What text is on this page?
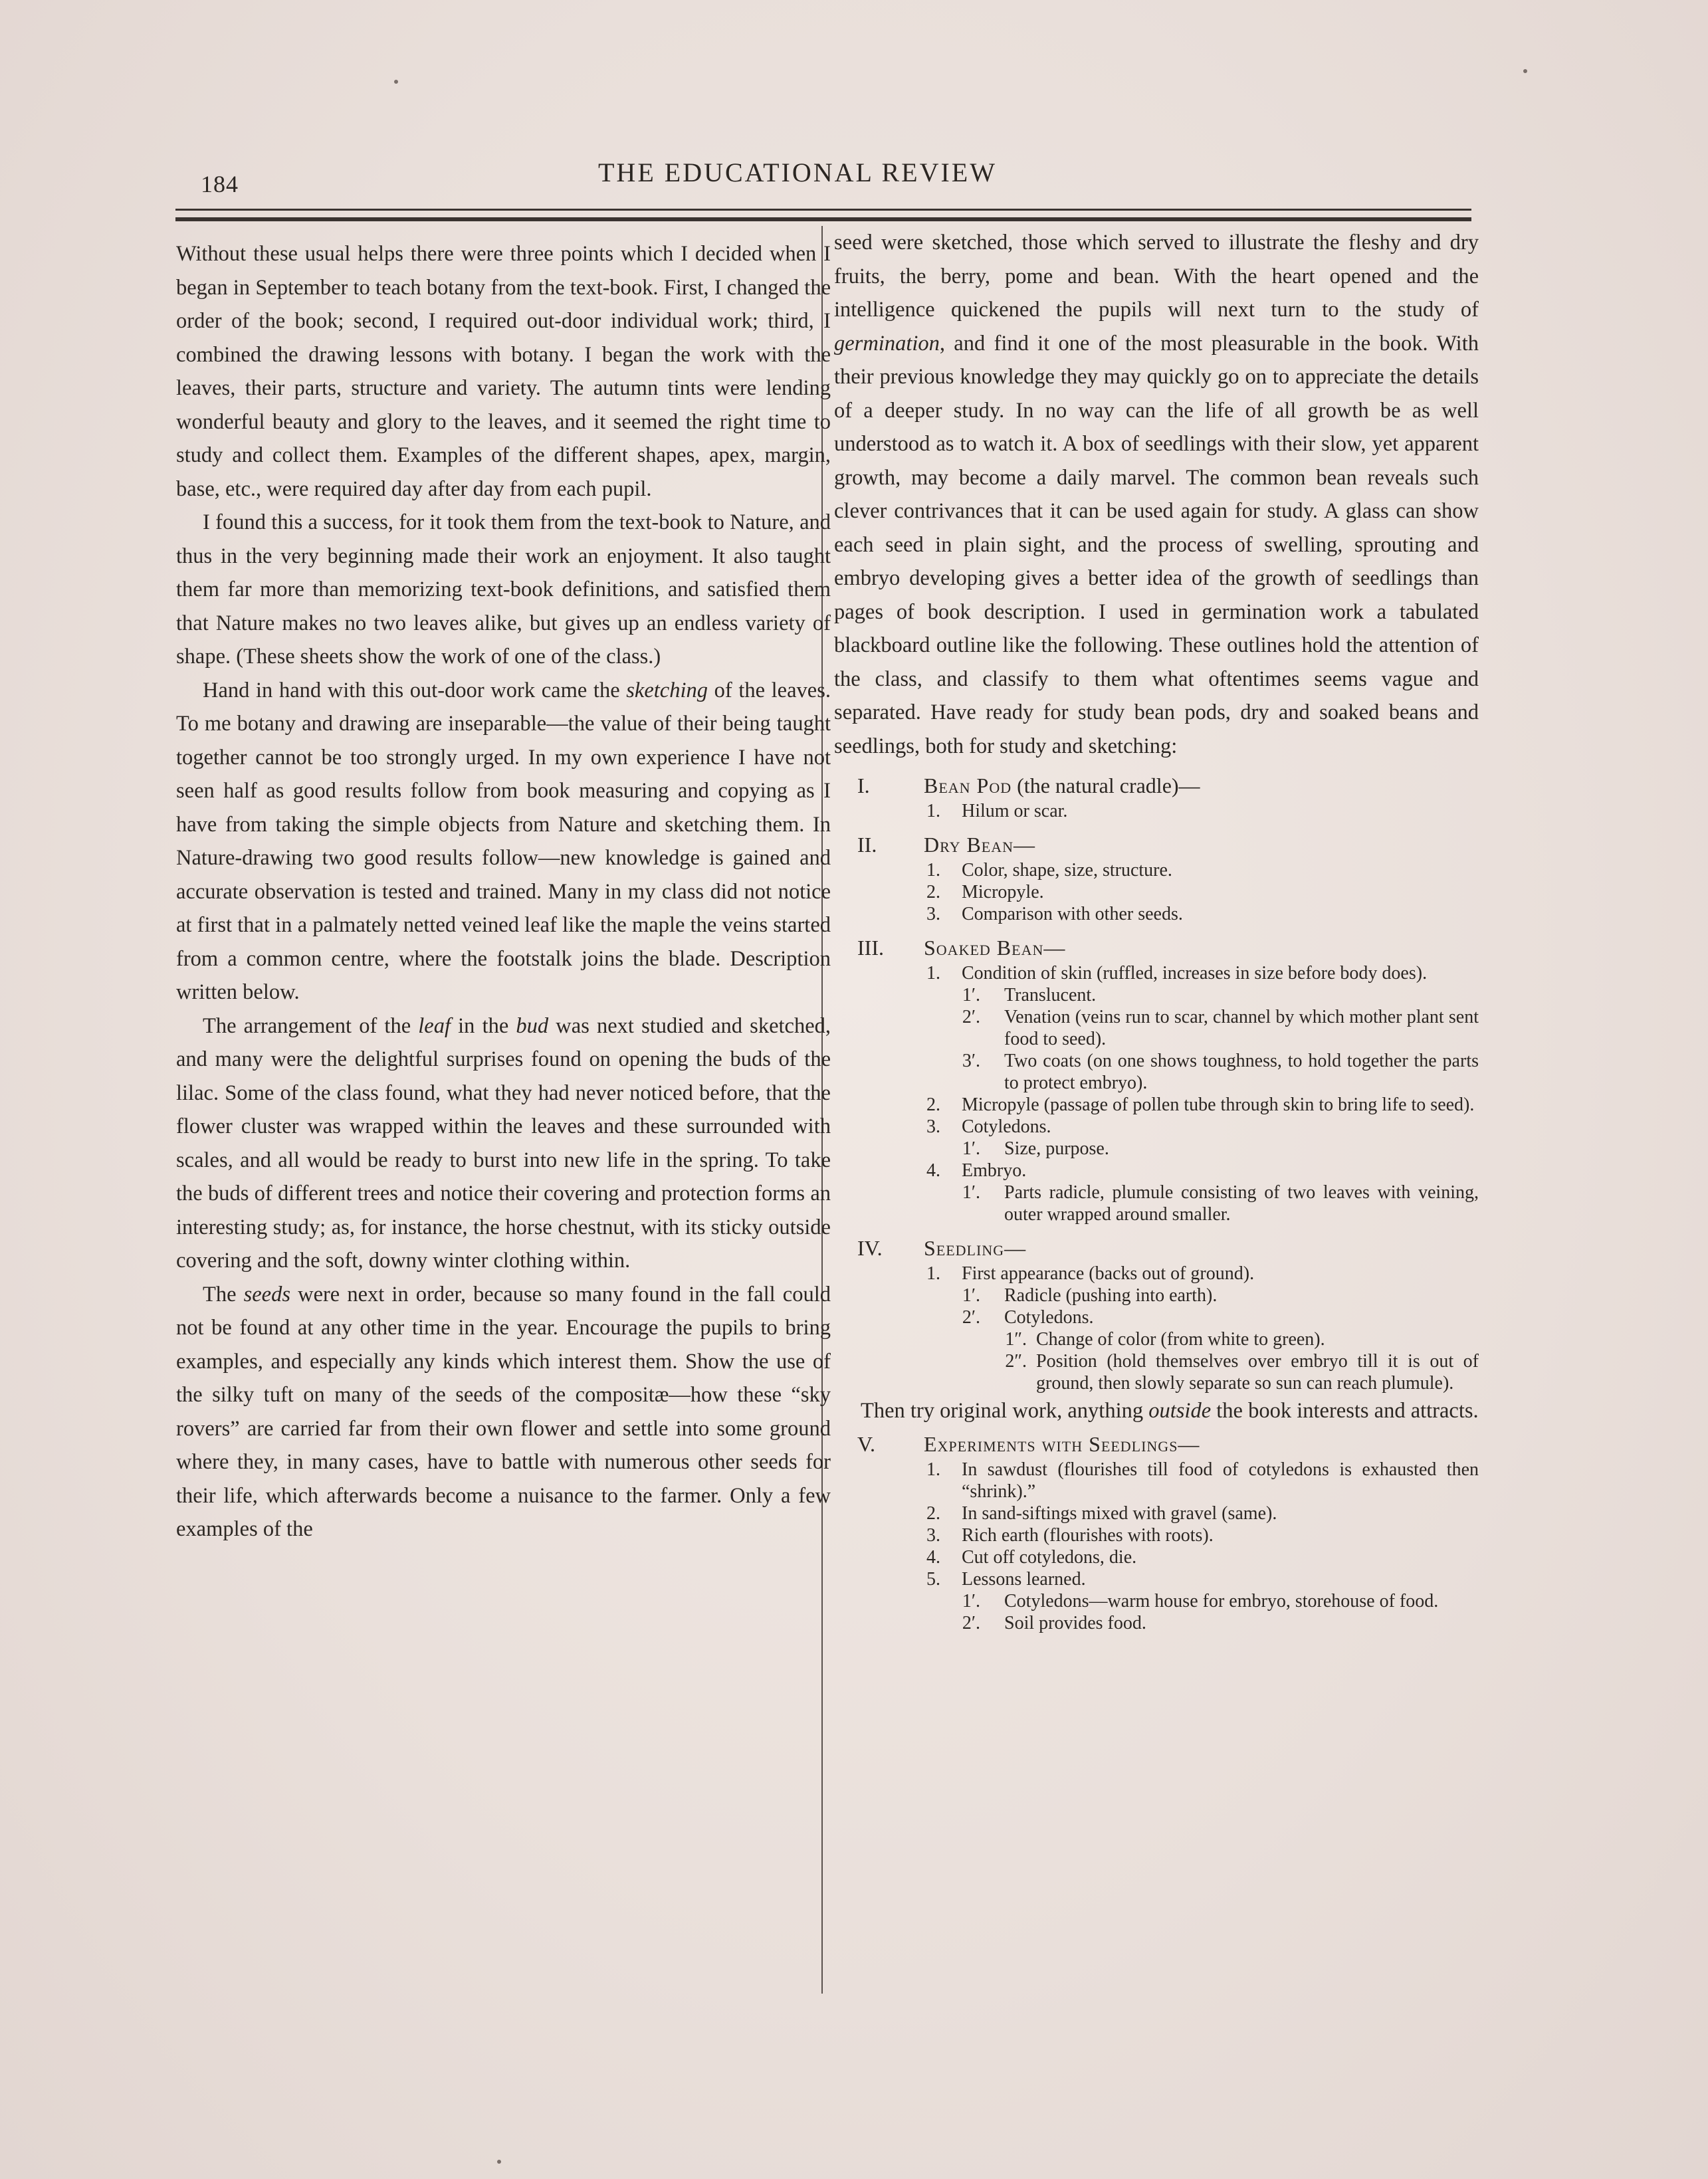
184	THE EDUCATIONAL REVIEW

Without these usual helps there were three points which I decided when I began in September to teach botany from the text-book. First, I changed the order of the book; second, I required out-door individual work; third, I combined the drawing lessons with botany. I began the work with the leaves, their parts, structure and variety. The autumn tints were lending wonderful beauty and glory to the leaves, and it seemed the right time to study and collect them. Examples of the different shapes, apex, margin, base, etc., were required day after day from each pupil.

I found this a success, for it took them from the text-book to Nature, and thus in the very beginning made their work an enjoyment. It also taught them far more than memorizing text-book definitions, and satisfied them that Nature makes no two leaves alike, but gives up an endless variety of shape. (These sheets show the work of one of the class.)

Hand in hand with this out-door work came the sketching of the leaves. To me botany and drawing are inseparable—the value of their being taught together cannot be too strongly urged. In my own experience I have not seen half as good results follow from book measuring and copying as I have from taking the simple objects from Nature and sketching them. In Nature-drawing two good results follow—new knowledge is gained and accurate observation is tested and trained. Many in my class did not notice at first that in a palmately netted veined leaf like the maple the veins started from a common centre, where the footstalk joins the blade. Description written below.

The arrangement of the leaf in the bud was next studied and sketched, and many were the delightful surprises found on opening the buds of the lilac. Some of the class found, what they had never noticed before, that the flower cluster was wrapped within the leaves and these surrounded with scales, and all would be ready to burst into new life in the spring. To take the buds of different trees and notice their covering and protection forms an interesting study; as, for instance, the horse chestnut, with its sticky outside covering and the soft, downy winter clothing within.

The seeds were next in order, because so many found in the fall could not be found at any other time in the year. Encourage the pupils to bring examples, and especially any kinds which interest them. Show the use of the silky tuft on many of the seeds of the compositæ—how these “sky rovers” are carried far from their own flower and settle into some ground where they, in many cases, have to battle with numerous other seeds for their life, which afterwards become a nuisance to the farmer. Only a few examples of the

seed were sketched, those which served to illustrate the fleshy and dry fruits, the berry, pome and bean. With the heart opened and the intelligence quickened the pupils will next turn to the study of germination, and find it one of the most pleasurable in the book. With their previous knowledge they may quickly go on to appreciate the details of a deeper study. In no way can the life of all growth be as well understood as to watch it. A box of seedlings with their slow, yet apparent growth, may become a daily marvel. The common bean reveals such clever contrivances that it can be used again for study. A glass can show each seed in plain sight, and the process of swelling, sprouting and embryo developing gives a better idea of the growth of seedlings than pages of book description. I used in germination work a tabulated blackboard outline like the following. These outlines hold the attention of the class, and classify to them what oftentimes seems vague and separated. Have ready for study bean pods, dry and soaked beans and seedlings, both for study and sketching:

I.	Bean Pod (the natural cradle)—
1.	Hilum or scar.
II.	Dry Bean—
1.	Color, shape, size, structure.
2.	Micropyle.
3.	Comparison with other seeds.
III.	Soaked Bean—
1.	Condition of skin (ruffled, increases in size before body does).
1′.	Translucent.
2′.	Venation (veins run to scar, channel by which mother plant sent food to seed).
3′.	Two coats (on one shows toughness, to hold together the parts to protect embryo).
2.	Micropyle (passage of pollen tube through skin to bring life to seed).
3.	Cotyledons.
1′.	Size, purpose.
4.	Embryo.
1′.	Parts radicle, plumule consisting of two leaves with veining, outer wrapped around smaller.
IV.	Seedling—
1.	First appearance (backs out of ground).
1′.	Radicle (pushing into earth).
2′.	Cotyledons.
1″. Change of color (from white to green).
2″. Position (hold themselves over embryo till it is out of ground, then slowly separate so sun can reach plumule).

Then try original work, anything outside the book interests and attracts.

V.	Experiments with Seedlings—
1.	In sawdust (flourishes till food of cotyledons is exhausted then “shrink).”
2.	In sand-siftings mixed with gravel (same).
3.	Rich earth (flourishes with roots).
4.	Cut off cotyledons, die.
5.	Lessons learned.
1′.	Cotyledons—warm house for embryo, storehouse of food.
2′.	Soil provides food.
